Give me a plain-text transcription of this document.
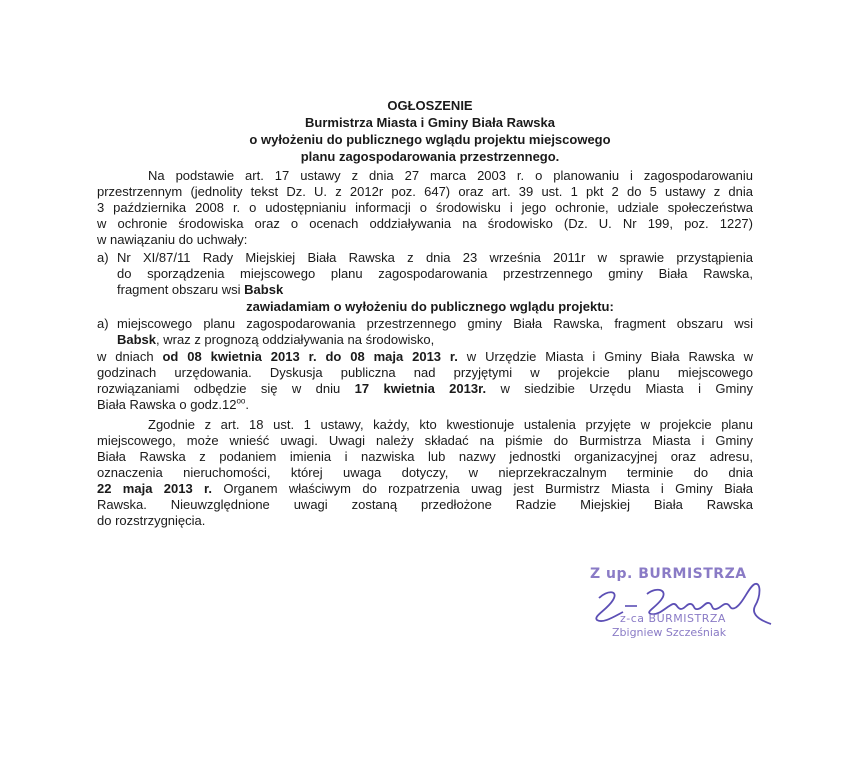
OGŁOSZENIE
Burmistrza Miasta i Gminy Biała Rawska
o wyłożeniu do publicznego wglądu projektu miejscowego
planu zagospodarowania przestrzennego.
Na podstawie art. 17 ustawy z dnia 27 marca 2003 r. o planowaniu i zagospodarowaniu
przestrzennym (jednolity tekst Dz. U. z 2012r poz. 647) oraz art. 39 ust. 1 pkt 2 do 5 ustawy z dnia
3 października 2008 r. o udostępnianiu informacji o środowisku i jego ochronie, udziale społeczeństwa
w ochronie środowiska oraz o ocenach oddziaływania na środowisko (Dz. U. Nr 199, poz. 1227)
w nawiązaniu do uchwały:
a) Nr XI/87/11 Rady Miejskiej Biała Rawska z dnia 23 września 2011r w sprawie przystąpienia
do sporządzenia miejscowego planu zagospodarowania przestrzennego gminy Biała Rawska,
fragment obszaru wsi Babsk
zawiadamiam o wyłożeniu do publicznego wglądu projektu:
a) miejscowego planu zagospodarowania przestrzennego gminy Biała Rawska, fragment obszaru wsi
Babsk, wraz z prognozą oddziaływania na środowisko,
w dniach od 08 kwietnia 2013 r. do 08 maja 2013 r. w Urzędzie Miasta i Gminy Biała Rawska w
godzinach urzędowania. Dyskusja publiczna nad przyjętymi w projekcie planu miejscowego
rozwiązaniami odbędzie się w dniu 17 kwietnia 2013r. w siedzibie Urzędu Miasta i Gminy
Biała Rawska o $godz.12^{oo}$.
Zgodnie z art. 18 ust. 1 ustawy, każdy, kto kwestionuje ustalenia przyjęte w projekcie planu
miejscowego, może wnieść uwagi. Uwagi należy składać na piśmie do Burmistrza Miasta i Gminy
Biała Rawska z podaniem imienia i nazwiska lub nazwy jednostki organizacyjnej oraz adresu,
oznaczenia nieruchomości, której uwaga dotyczy, w nieprzekraczalnym terminie do dnia
22 maja 2013 r. Organem właściwym do rozpatrzenia uwag jest Burmistrz Miasta i Gminy Biała
Rawska. Nieuwzględnione uwagi zostaną przedłożone Radzie Miejskiej Biała Rawska
do rozstrzygnięcia.
Z up. BURMISTRZA
z-ca BURMISTRZA
Zbigniew Szcześniak
